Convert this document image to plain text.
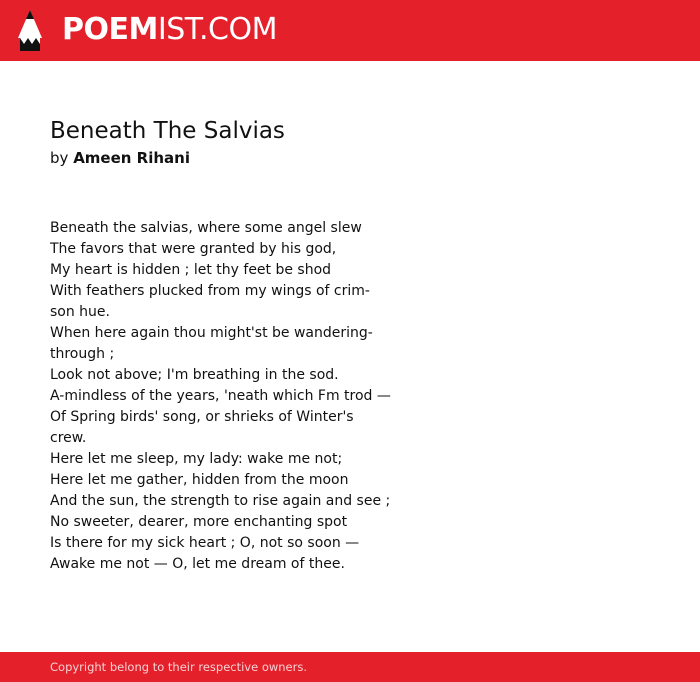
POEMIST.COM
Beneath The Salvias
by Ameen Rihani
Beneath the salvias, where some angel slew
The favors that were granted by his god,
My heart is hidden ; let thy feet be shod
With feathers plucked from my wings of crim-
son hue.
When here again thou might'st be wandering-
through ;
Look not above; I'm breathing in the sod.
A-mindless of the years, 'neath which Fm trod —
Of Spring birds' song, or shrieks of Winter's
crew.
Here let me sleep, my lady: wake me not;
Here let me gather, hidden from the moon
And the sun, the strength to rise again and see ;
No sweeter, dearer, more enchanting spot
Is there for my sick heart ; O, not so soon —
Awake me not — O, let me dream of thee.
Copyright belong to their respective owners.
